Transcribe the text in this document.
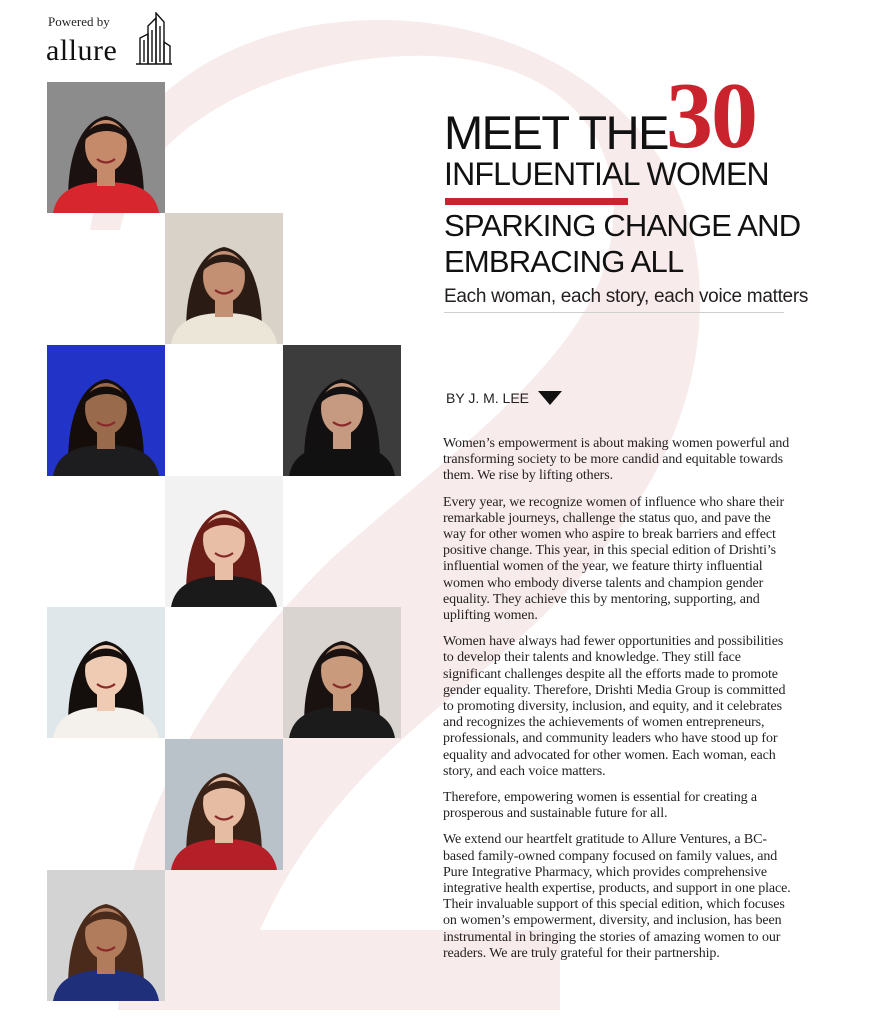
Powered by
allure
MEET THE
30
INFLUENTIAL WOMEN
SPARKING CHANGE AND
EMBRACING ALL
Each woman, each story, each voice matters
BY J. M. LEE

Women’s empowerment is about making women powerful and transforming society to be more candid and equitable towards them. We rise by lifting others.

Every year, we recognize women of influence who share their remarkable journeys, challenge the status quo, and pave the way for other women who aspire to break barriers and effect positive change. This year, in this special edition of Drishti’s influential women of the year, we feature thirty influential women who embody diverse talents and champion gender equality. They achieve this by mentoring, supporting, and uplifting women.

Women have always had fewer opportunities and possibilities to develop their talents and knowledge. They still face significant challenges despite all the efforts made to promote gender equality. Therefore, Drishti Media Group is committed to promoting diversity, inclusion, and equity, and it celebrates and recognizes the achievements of women entrepreneurs, professionals, and community leaders who have stood up for equality and advocated for other women. Each woman, each story, and each voice matters.

Therefore, empowering women is essential for creating a prosperous and sustainable future for all.

We extend our heartfelt gratitude to Allure Ventures, a BC-based family-owned company focused on family values, and Pure Integrative Pharmacy, which provides comprehensive integrative health expertise, products, and support in one place. Their invaluable support of this special edition, which focuses on women’s empowerment, diversity, and inclusion, has been instrumental in bringing the stories of amazing women to our readers. We are truly grateful for their partnership.
